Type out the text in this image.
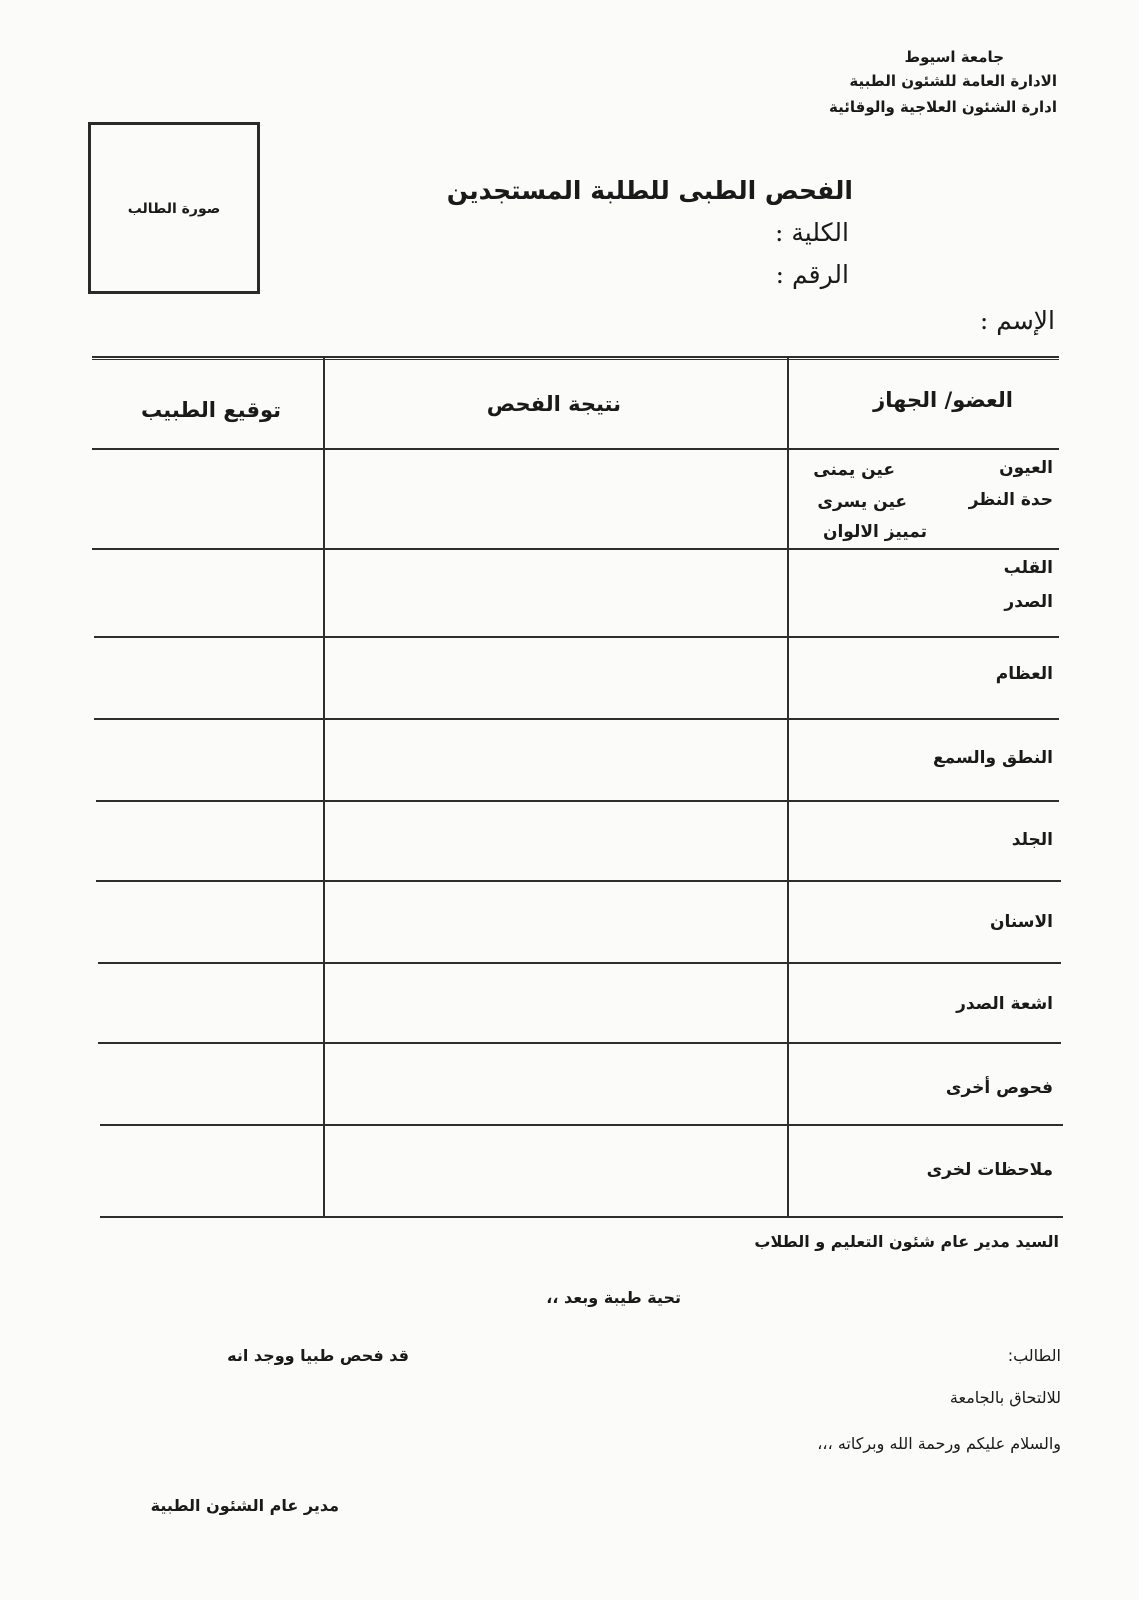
جامعة اسيوط
الادارة العامة للشئون الطبية
ادارة الشئون العلاجية والوقائية
صورة الطالب
الفحص الطبى للطلبة المستجدين
الكلية :
الرقم :
الإسم :
العضو/ الجهاز
نتيجة الفحص
توقيع الطبيب
العيون
عين يمنى
حدة النظر
عين يسرى
تمييز الالوان
القلب
الصدر
العظام
النطق والسمع
الجلد
الاسنان
اشعة الصدر
فحوص أخرى
ملاحظات لخرى
السيد مدير عام شئون التعليم و الطلاب
تحية طيبة وبعد ،،
الطالب:
قد فحص طبيا ووجد انه
للالتحاق بالجامعة
والسلام عليكم ورحمة الله وبركاته ،،،
مدير عام الشئون الطبية
